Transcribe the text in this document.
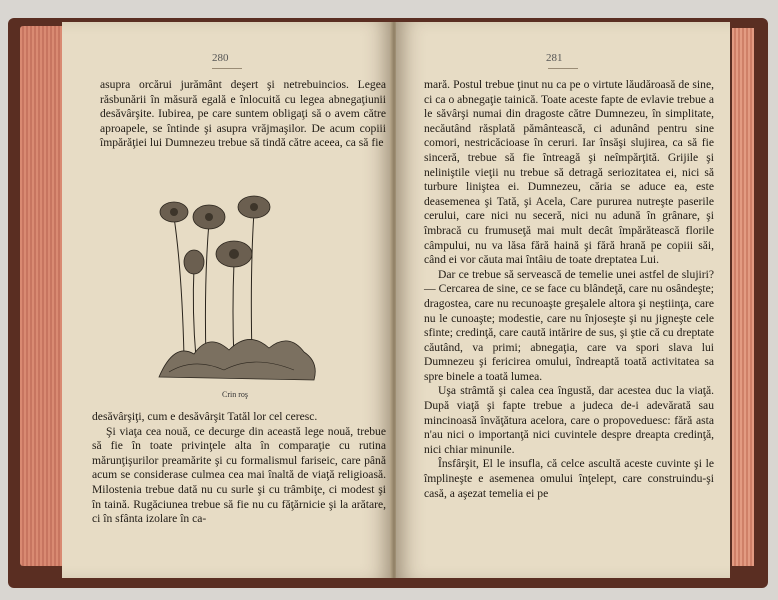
280

asupra orcărui jurământ deşert şi netrebuincios. Legea răsbunării în măsură egală e înlocuită cu legea abnegaţiunii desăvârşite. Iubirea, pe care suntem obligaţi să o avem către aproapele, se întinde şi asupra vrăjmaşilor. De acum copiii împărăţiei lui Dumnezeu trebue să tindă către aceea, ca să fie

Crin roş

desăvârşiţi, cum e desăvârşit Tatăl lor cel ceresc.

Şi viaţa cea nouă, ce decurge din această lege nouă, trebue să fie în toate privinţele alta în comparaţie cu rutina mărunţişurilor preamărite şi cu formalismul fariseic, care până acum se considerase culmea cea mai înaltă de viaţă religioasă. Milostenia trebue dată nu cu surle şi cu trâmbiţe, ci modest şi în taină. Rugăciunea trebue să fie nu cu făţărnicie şi la arătare, ci în sfânta izolare în ca-

281

mară. Postul trebue ţinut nu ca pe o virtute lăudăroasă de sine, ci ca o abnegaţie tainică. Toate aceste fapte de evlavie trebue a le săvârşi numai din dragoste către Dumnezeu, în simplitate, necăutând răsplată pământească, ci adunând pentru sine comori, nestricăcioase în ceruri. Iar însăşi slujirea, ca să fie sinceră, trebue să fie întreagă şi neîmpărţită. Grijile şi neliniştile vieţii nu trebue să detragă seriozitatea ei, nici să turbure liniştea ei. Dumnezeu, căria se aduce ea, este deasemenea şi Tată, şi Acela, Care pururea nutreşte paserile cerului, care nici nu seceră, nici nu adună în grânare, şi îmbracă cu frumuseţă mai mult decât împărătească florile câmpului, nu va lăsa fără haină şi fără hrană pe copiii săi, când ei vor căuta mai întâiu de toate dreptatea Lui.

Dar ce trebue să servească de temelie unei astfel de slujiri? — Cercarea de sine, ce se face cu blândeţă, care nu osândeşte; dragostea, care nu recunoaşte greşalele altora şi neştiinţa, care nu le cunoaşte; modestie, care nu înjoseşte şi nu jigneşte cele sfinte; credinţă, care caută intărire de sus, şi ştie că cu dreptate căutând, va primi; abnegaţia, care va spori slava lui Dumnezeu şi fericirea omului, îndreaptă toată activitatea sa spre binele a toată lumea.

Uşa strâmtă şi calea cea îngustă, dar acestea duc la viaţă. După viaţă şi fapte trebue a judeca de-i adevărată sau mincinoasă învăţătura acelora, care o propoveduesc: fără asta n'au nici o importanţă nici cuvintele despre dreapta credinţă, nici chiar minunile.

Însfârşit, El le insufla, că celce ascultă aceste cuvinte şi le împlineşte e asemenea omului înţelept, care construindu-şi casă, a aşezat temelia ei pe
